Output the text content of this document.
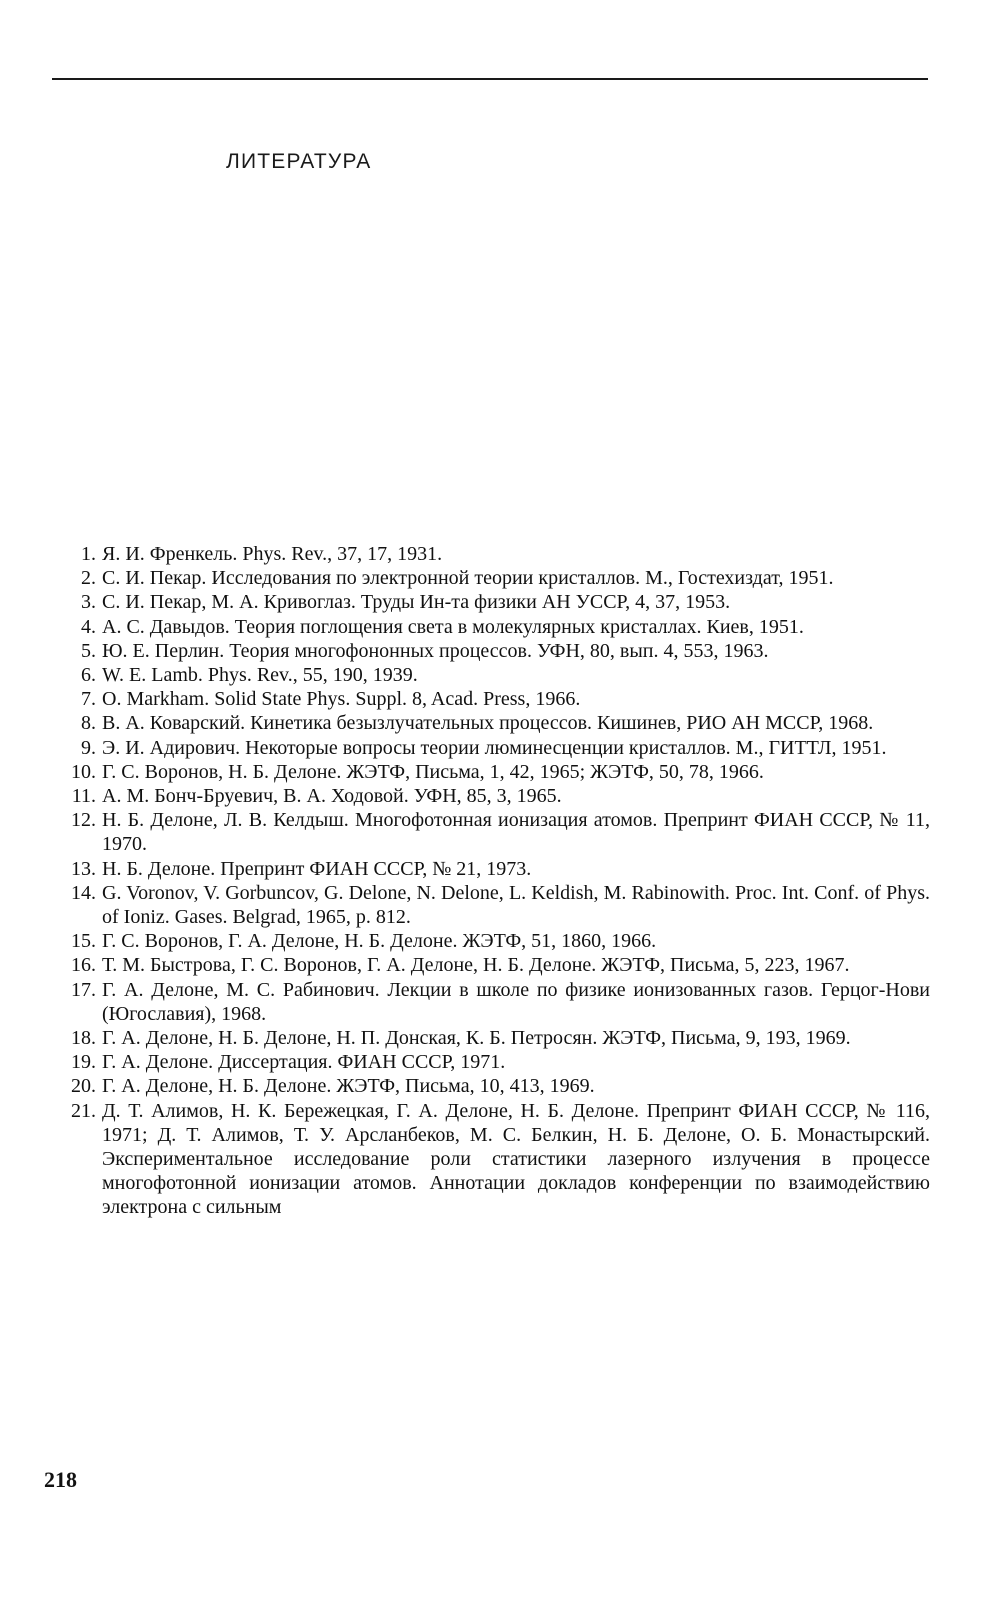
ЛИТЕРАТУРА
1. Я. И. Френкель. Phys. Rev., 37, 17, 1931.
2. С. И. Пекар. Исследования по электронной теории кристаллов. М., Гостехиздат, 1951.
3. С. И. Пекар, М. А. Кривоглаз. Труды Ин-та физики АН УССР, 4, 37, 1953.
4. А. С. Давыдов. Теория поглощения света в молекулярных кристаллах. Киев, 1951.
5. Ю. Е. Перлин. Теория многофононных процессов. УФН, 80, вып. 4, 553, 1963.
6. W. E. Lamb. Phys. Rev., 55, 190, 1939.
7. O. Markham. Solid State Phys. Suppl. 8, Acad. Press, 1966.
8. В. А. Коварский. Кинетика безызлучательных процессов. Кишинев, РИО АН МССР, 1968.
9. Э. И. Адирович. Некоторые вопросы теории люминесценции кристаллов. М., ГИТТЛ, 1951.
10. Г. С. Воронов, Н. Б. Делоне. ЖЭТФ, Письма, 1, 42, 1965; ЖЭТФ, 50, 78, 1966.
11. А. М. Бонч-Бруевич, В. А. Ходовой. УФН, 85, 3, 1965.
12. Н. Б. Делоне, Л. В. Келдыш. Многофотонная ионизация атомов. Препринт ФИАН СССР, № 11, 1970.
13. Н. Б. Делоне. Препринт ФИАН СССР, № 21, 1973.
14. G. Voronov, V. Gorbuncov, G. Delone, N. Delone, L. Keldish, M. Rabinowith. Proc. Int. Conf. of Phys. of Ioniz. Gases. Belgrad, 1965, p. 812.
15. Г. С. Воронов, Г. А. Делоне, Н. Б. Делоне. ЖЭТФ, 51, 1860, 1966.
16. Т. М. Быстрова, Г. С. Воронов, Г. А. Делоне, Н. Б. Делоне. ЖЭТФ, Письма, 5, 223, 1967.
17. Г. А. Делоне, М. С. Рабинович. Лекции в школе по физике ионизованных газов. Герцог-Нови (Югославия), 1968.
18. Г. А. Делоне, Н. Б. Делоне, Н. П. Донская, К. Б. Петросян. ЖЭТФ, Письма, 9, 193, 1969.
19. Г. А. Делоне. Диссертация. ФИАН СССР, 1971.
20. Г. А. Делоне, Н. Б. Делоне. ЖЭТФ, Письма, 10, 413, 1969.
21. Д. Т. Алимов, Н. К. Бережецкая, Г. А. Делоне, Н. Б. Делоне. Препринт ФИАН СССР, № 116, 1971; Д. Т. Алимов, Т. У. Арсланбеков, М. С. Белкин, Н. Б. Делоне, О. Б. Монастырский. Экспериментальное исследование роли статистики лазерного излучения в процессе многофотонной ионизации атомов. Аннотации докладов конференции по взаимодействию электрона с сильным

218
